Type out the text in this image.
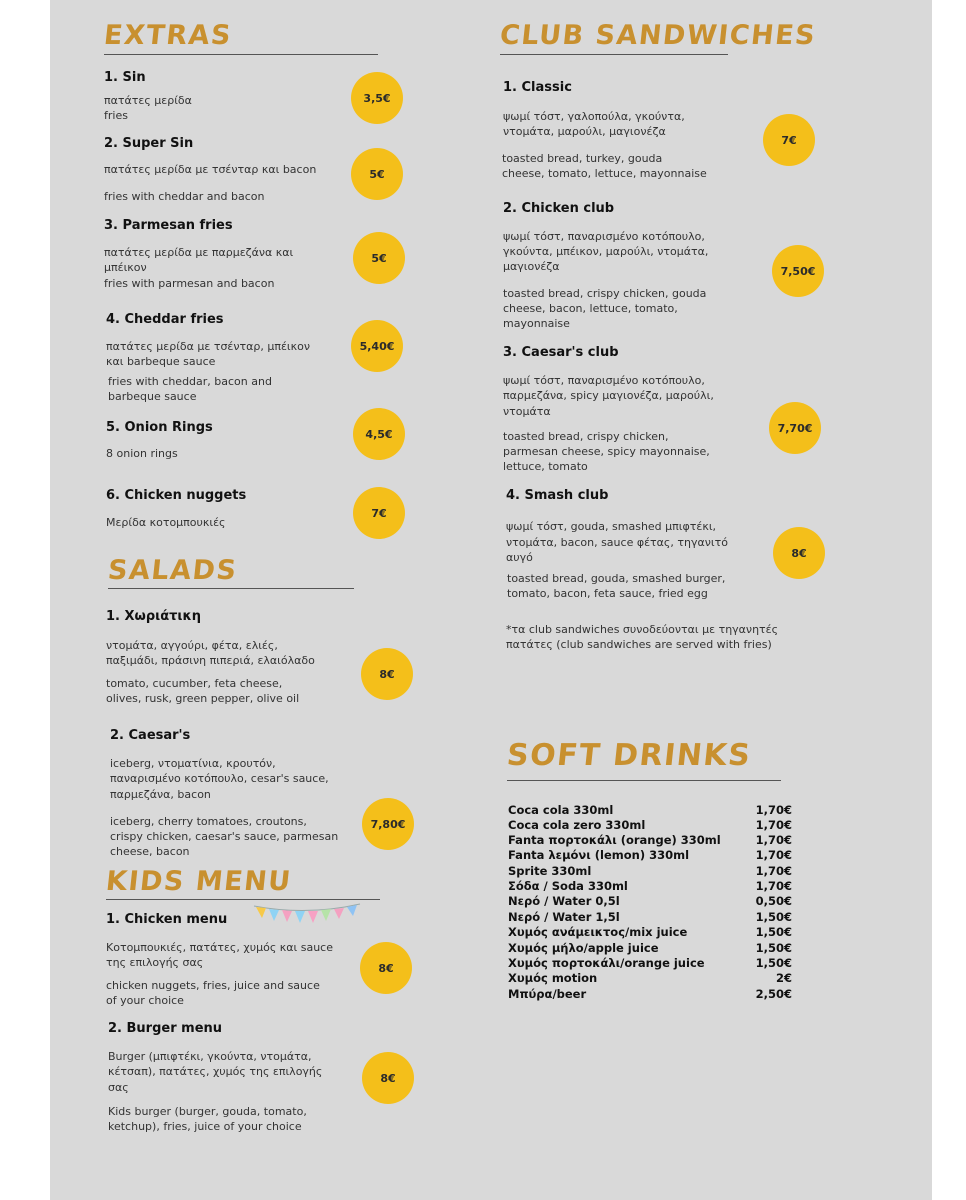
EXTRAS
1. Sin
πατάτες μερίδα
fries
3,5€
2. Super Sin
πατάτες μερίδα με τσένταρ και bacon
fries with cheddar and bacon
5€
3. Parmesan fries
πατάτες μερίδα με παρμεζάνα και
μπέικον
fries with parmesan and bacon
5€
4. Cheddar fries
πατάτες μερίδα με τσένταρ, μπέικον
και barbeque sauce
fries with cheddar, bacon and
barbeque sauce
5,40€
5. Onion Rings
8 onion rings
4,5€
6. Chicken nuggets
Μερίδα κοτομπουκιές
7€
SALADS
1. Χωριάτικη
ντομάτα, αγγούρι, φέτα, ελιές,
παξιμάδι, πράσινη πιπεριά, ελαιόλαδο
tomato, cucumber, feta cheese,
olives, rusk, green pepper, olive oil
8€
2. Caesar's
iceberg, ντοματίνια, κρουτόν,
παναρισμένο κοτόπουλο, cesar's sauce,
παρμεζάνα, bacon
iceberg, cherry tomatoes, croutons,
crispy chicken, caesar's sauce, parmesan
cheese, bacon
7,80€
KIDS MENU
1. Chicken menu
Κοτομπουκιές, πατάτες, χυμός και sauce
της επιλογής σας
chicken nuggets, fries, juice and sauce
of your choice
8€
2. Burger menu
Burger (μπιφτέκι, γκούντα, ντομάτα,
κέτσαπ), πατάτες, χυμός της επιλογής
σας
Kids burger (burger, gouda, tomato,
ketchup), fries, juice of your choice
8€
CLUB SANDWICHES
1. Classic
ψωμί τόστ, γαλοπούλα, γκούντα,
ντομάτα, μαρούλι, μαγιονέζα
toasted bread, turkey, gouda
cheese, tomato, lettuce, mayonnaise
7€
2. Chicken club
ψωμί τόστ, παναρισμένο κοτόπουλο,
γκούντα, μπέικον, μαρούλι, ντομάτα,
μαγιονέζα
toasted bread, crispy chicken, gouda
cheese, bacon, lettuce, tomato,
mayonnaise
7,50€
3. Caesar's club
ψωμί τόστ, παναρισμένο κοτόπουλο,
παρμεζάνα, spicy μαγιονέζα, μαρούλι,
ντομάτα
toasted bread, crispy chicken,
parmesan cheese, spicy mayonnaise,
lettuce, tomato
7,70€
4. Smash club
ψωμί τόστ, gouda, smashed μπιφτέκι,
ντομάτα, bacon, sauce φέτας, τηγανιτό
αυγό
toasted bread, gouda, smashed burger,
tomato, bacon, feta sauce, fried egg
8€
*τα club sandwiches συνοδεύονται με τηγανητές
πατάτες (club sandwiches are served with fries)
SOFT DRINKS
Coca cola 330ml	1,70€
Coca cola zero 330ml	1,70€
Fanta πορτοκάλι (orange) 330ml	1,70€
Fanta λεμόνι (lemon) 330ml	1,70€
Sprite 330ml	1,70€
Σόδα / Soda 330ml	1,70€
Νερό / Water 0,5l	0,50€
Νερό / Water 1,5l	1,50€
Χυμός ανάμεικτος/mix juice	1,50€
Χυμός μήλο/apple juice	1,50€
Χυμός πορτοκάλι/orange juice	1,50€
Χυμός motion	2€
Μπύρα/beer	2,50€
